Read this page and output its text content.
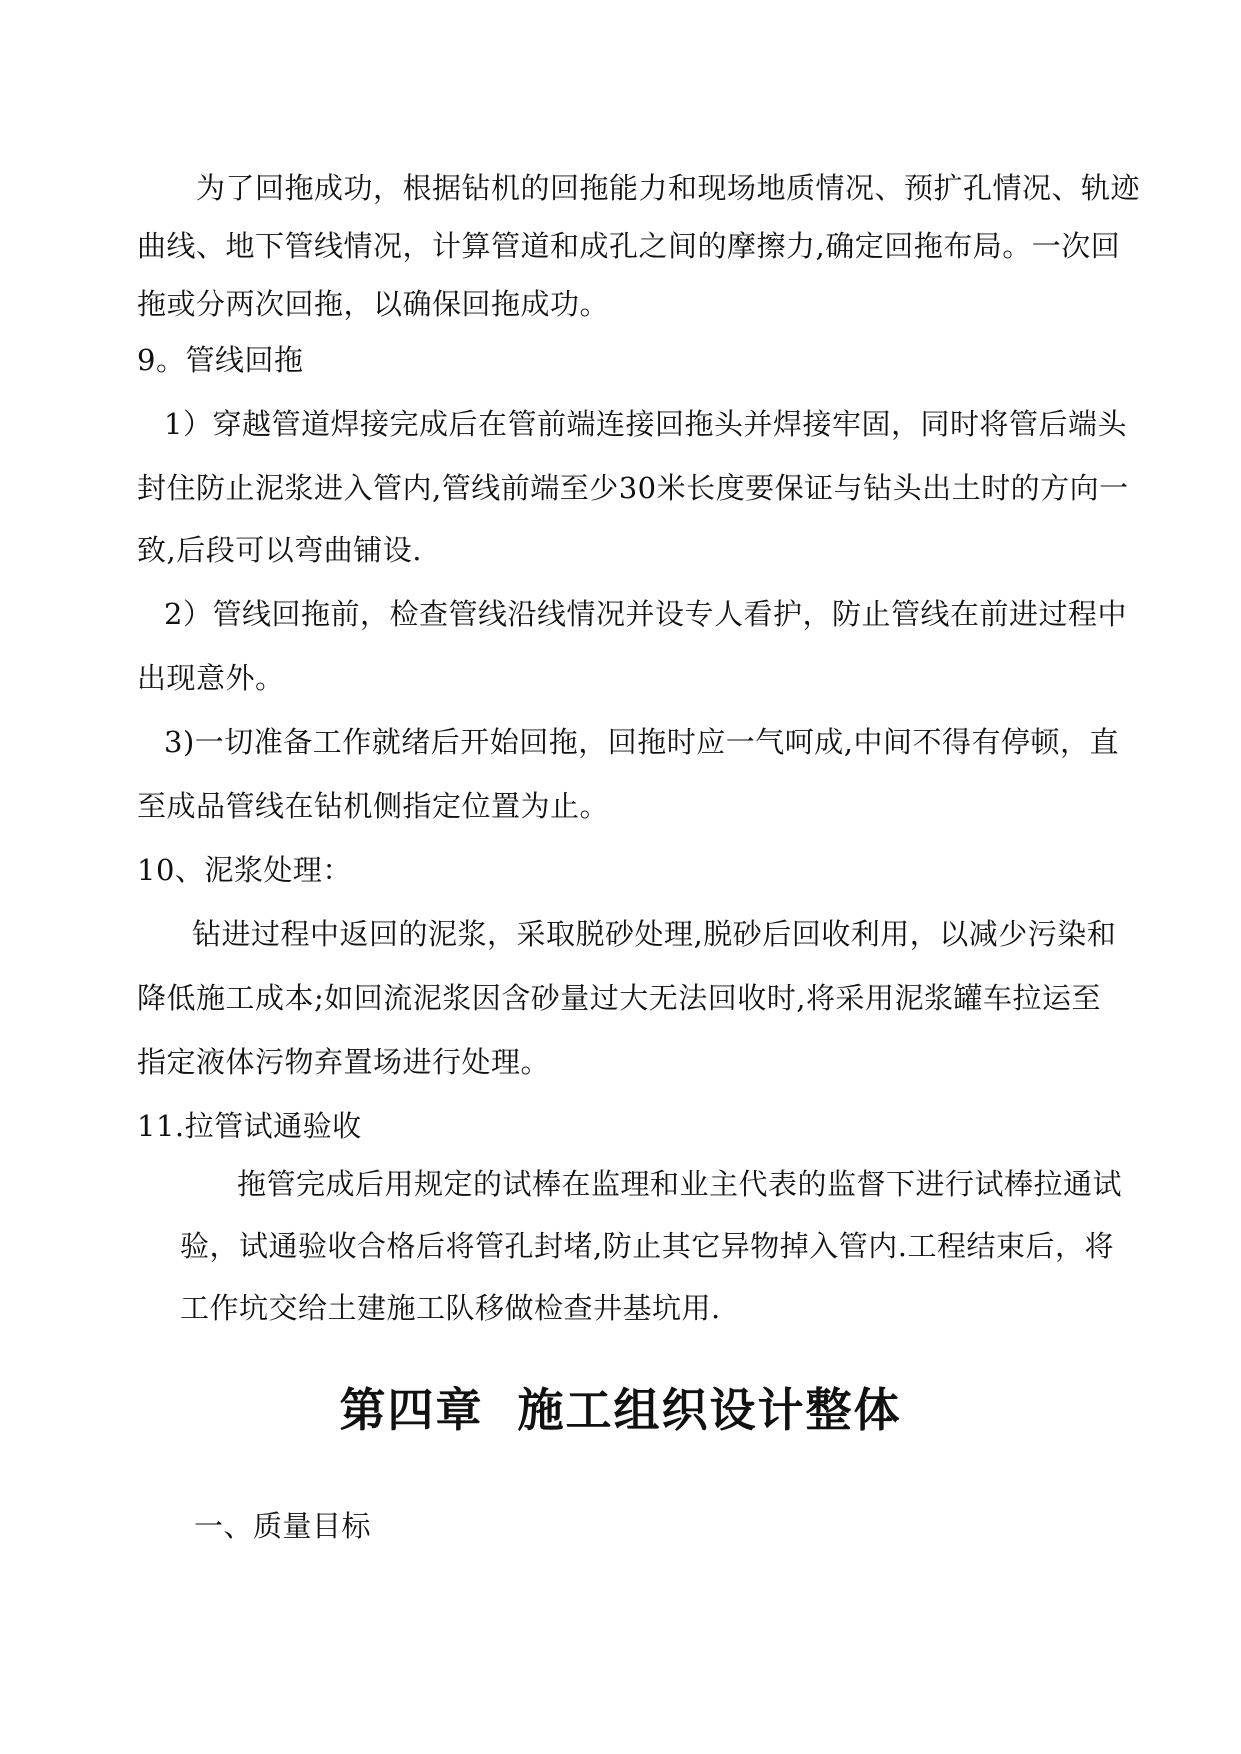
为了回拖成功，根据钻机的回拖能力和现场地质情况、预扩孔情况、轨迹
曲线、地下管线情况，计算管道和成孔之间的摩擦力,确定回拖布局。一次回
拖或分两次回拖，以确保回拖成功。
9。管线回拖
1）穿越管道焊接完成后在管前端连接回拖头并焊接牢固，同时将管后端头
封住防止泥浆进入管内,管线前端至少30米长度要保证与钻头出土时的方向一
致,后段可以弯曲铺设.
2）管线回拖前，检查管线沿线情况并设专人看护，防止管线在前进过程中
出现意外。
3)一切准备工作就绪后开始回拖，回拖时应一气呵成,中间不得有停顿，直
至成品管线在钻机侧指定位置为止。
10、泥浆处理：
钻进过程中返回的泥浆，采取脱砂处理,脱砂后回收利用，以减少污染和
降低施工成本;如回流泥浆因含砂量过大无法回收时,将采用泥浆罐车拉运至
指定液体污物弃置场进行处理。
11.拉管试通验收
拖管完成后用规定的试棒在监理和业主代表的监督下进行试棒拉通试
验，试通验收合格后将管孔封堵,防止其它异物掉入管内.工程结束后，将
工作坑交给土建施工队移做检查井基坑用.
第四章 施工组织设计整体
一、质量目标
